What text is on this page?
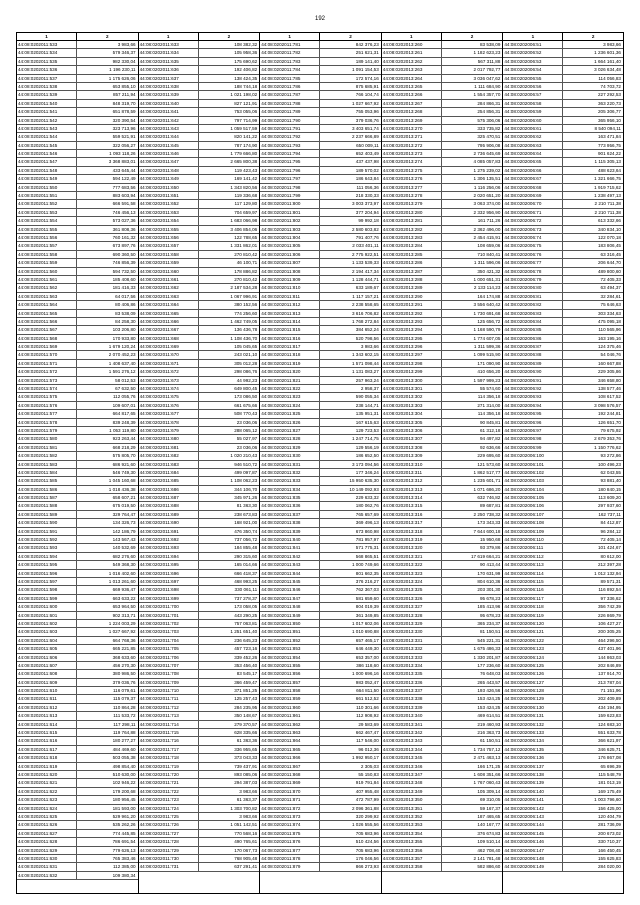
192
1	2
44:08:0202011:533	3 983,66
44:08:0202011:534	579 346,37
44:08:0202011:535	982 330,04
44:08:0202011:536	1 196 230,11
44:08:0202011:537	1 175 626,06
44:08:0202011:538	653 855,10
44:08:0202011:539	857 211,94
44:08:0202011:540	848 319,70
44:08:0202011:541	651 878,59
44:08:0202011:542	320 390,54
44:08:0202011:543	323 713,96
44:08:0202011:544	559 521,91
44:08:0202011:545	322 056,27
44:08:0202011:546	1 093 118,26
44:08:0202011:547	3 368 883,01
44:08:0202011:548	433 645,44
44:08:0202011:549	594 122,49
44:08:0202011:550	777 683,56
44:08:0202011:551	883 603,94
44:08:0202011:552	666 591,58
44:08:0202011:553	746 456,13
44:08:0202011:554	573 027,36
44:08:0202011:555	361 808,36
44:08:0202011:556	760 161,32
44:08:0202011:557	673 897,76
44:08:0202011:558	690 360,50
44:08:0202011:559	746 856,39
44:08:0202011:560	594 732,50
44:08:0202011:561	185 408,60
44:08:0202011:562	181 416,33
44:08:0202011:563	64 017,56
44:08:0202011:564	80 406,86
44:08:0202011:565	83 538,09
44:08:0202011:566	84 258,30
44:08:0202011:567	103 206,80
44:08:0202011:568	170 933,80
44:08:0202011:569	1 679 120,24
44:08:0202011:570	2 070 452,23
44:08:0202011:571	1 408 637,40
44:08:0202011:572	1 591 276,12
44:08:0202011:573	58 012,53
44:08:0202011:574	67 632,50
44:08:0202011:575	112 055,76
44:08:0202011:576	109 607,01
44:08:0202011:577	664 817,65
44:08:0202011:578	839 248,39
44:08:0202011:579	1 053 119,80
44:08:0202011:580	923 263,44
44:08:0202011:581	668 218,29
44:08:0202011:582	575 805,70
44:08:0202011:583	686 921,60
44:08:0202011:584	546 749,30
44:08:0202011:585	1 045 160,68
44:08:0202011:586	1 018 436,38
44:08:0202011:587	658 607,21
44:08:0202011:588	675 019,50
44:08:0202011:589	329 764,47
44:08:0202011:590	134 326,73
44:08:0202011:591	142 186,79
44:08:0202011:592	143 567,43
44:08:0202011:593	140 532,69
44:08:0202011:594	682 276,60
44:08:0202011:595	549 368,30
44:08:0202011:596	1 016 402,60
44:08:0202011:597	1 013 261,60
44:08:0202011:598	669 936,47
44:08:0202011:599	663 633,22
44:08:0202011:600	653 964,50
44:08:0202011:601	902 313,71
44:08:0202011:602	1 224 003,29
44:08:0202011:603	1 027 667,92
44:08:0202011:604	664 768,36
44:08:0202011:605	665 221,85
44:08:0202011:606	368 633,60
44:08:0202011:607	456 270,30
44:08:0202011:608	380 986,50
44:08:0202011:609	379 036,76
44:08:0202011:610	116 079,61
44:08:0202011:611	115 079,37
44:08:0202011:612	110 864,28
44:08:0202011:613	111 533,72
44:08:0202011:614	117 298,11
44:08:0202011:615	119 764,88
44:08:0202011:616	180 277,27
44:08:0202011:617	484 469,60
44:08:0202011:618	503 055,38
44:08:0202011:619	498 854,40
44:08:0202011:620	510 630,00
44:08:0202011:621	102 946,22
44:08:0202011:622	179 200,68
44:08:0202011:623	180 956,45
44:08:0202011:624	181 593,00
44:08:0202011:625	529 961,20
44:08:0202011:626	535 262,26
44:08:0202011:627	774 445,85
44:08:0202011:628	786 691,54
44:08:0202011:629	779 626,13
44:08:0202011:630	765 383,46
44:08:0202011:631	112 385,00
44:08:0202011:632	109 380,34
1	2
44:08:0202011:633	108 382,32
44:08:0202011:634	105 958,36
44:08:0202011:635	175 690,62
44:08:0202011:636	192 406,82
44:08:0202011:637	138 424,35
44:08:0202011:638	188 744,18
44:08:0202011:639	1 021 198,02
44:08:0202011:640	827 121,91
44:08:0202011:641	753 055,06
44:08:0202011:642	797 714,99
44:08:0202011:643	1 059 517,59
44:08:0202011:644	820 141,22
44:08:0202011:645	787 174,90
44:08:0202011:646	1 779 666,80
44:08:0202011:647	2 665 800,38
44:08:0202011:648	119 423,43
44:08:0202011:649	169 141,42
44:08:0202011:650	1 343 820,56
44:08:0202011:651	119 336,68
44:08:0202011:652	117 129,80
44:08:0202011:653	704 659,97
44:08:0202011:654	1 683 066,98
44:08:0202011:655	3 406 854,06
44:08:0202011:656	122 788,65
44:08:0202011:657	1 331 862,01
44:08:0202011:658	270 810,42
44:08:0202011:659	46 100,71
44:08:0202011:660	178 886,82
44:08:0202011:661	270 810,42
44:08:0202011:662	2 187 534,28
44:08:0202011:663	1 067 996,91
44:08:0202011:664	380 152,56
44:08:0202011:665	774 256,60
44:08:0202011:666	1 462 749,05
44:08:0202011:667	136 436,78
44:08:0202011:668	1 108 436,70
44:08:0202011:669	105 045,65
44:08:0202011:670	243 021,10
44:08:0202011:671	305 012,28
44:08:0202011:672	298 086,76
44:08:0202011:673	44 992,23
44:08:0202011:674	649 800,45
44:08:0202011:675	173 086,50
44:08:0202011:676	661 675,66
44:08:0202011:677	508 770,43
44:08:0202011:678	23 036,06
44:08:0202011:679	288 065,12
44:08:0202011:680	55 027,97
44:08:0202011:681	23 036,06
44:08:0202011:682	1 020 210,43
44:08:0202011:683	946 510,72
44:08:0202011:684	499 097,87
44:08:0202011:685	1 108 062,23
44:08:0202011:686	344 106,70
44:08:0202011:687	345 971,26
44:08:0202011:688	81 363,30
44:08:0202011:689	238 673,83
44:08:0202011:690	168 921,00
44:08:0202011:691	476 350,74
44:08:0202011:692	737 056,72
44:08:0202011:693	184 855,48
44:08:0202011:694	290 315,60
44:08:0202011:695	165 014,66
44:08:0202011:696	666 418,37
44:08:0202011:697	468 993,25
44:08:0202011:698	330 061,11
44:08:0202011:699	737 278,37
44:08:0202011:700	173 058,05
44:08:0202011:701	443 290,25
44:08:0202011:702	757 063,81
44:08:0202011:703	1 251 651,40
44:08:0202011:704	236 645,23
44:08:0202011:705	457 723,16
44:08:0202011:706	339 452,26
44:08:0202011:707	353 456,40
44:08:0202011:708	83 545,17
44:08:0202011:709	366 459,47
44:08:0202011:710	371 851,25
44:08:0202011:711	125 257,43
44:08:0202011:712	284 235,95
44:08:0202011:713	350 148,67
44:08:0202011:714	279 370,57
44:08:0202011:715	628 335,66
44:08:0202011:716	61 363,36
44:08:0202011:717	336 955,65
44:08:0202011:718	373 043,33
44:08:0202011:719	739 437,91
44:08:0202011:720	893 085,06
44:08:0202011:721	294 387,03
44:08:0202011:722	3 983,66
44:08:0202011:723	61 363,37
44:08:0202011:724	1 303 700,82
44:08:0202011:725	3 983,66
44:08:0202011:726	1 051 142,51
44:08:0202011:727	770 568,16
44:08:0202011:728	490 765,61
44:08:0202011:729	170 067,73
44:08:0202011:730	768 905,48
44:08:0202011:731	637 291,41
1	2
44:08:0202011:781	842 376,23
44:08:0202011:782	251 621,31
44:08:0202011:783	189 141,40
44:08:0202011:784	1 091 154,53
44:08:0202011:785	172 574,16
44:08:0202011:786	875 685,91
44:08:0202011:787	766 104,74
44:08:0202011:788	1 027 667,92
44:08:0202011:789	755 053,96
44:08:0202011:790	379 036,76
44:08:0202011:791	3 403 651,74
44:08:0202011:792	2 237 666,89
44:08:0202011:793	650 009,11
44:08:0202011:794	652 403,49
44:08:0202011:795	437 437,98
44:08:0202011:796	189 570,02
44:08:0202011:797	186 643,84
44:08:0202011:798	111 056,36
44:08:0202011:799	218 330,33
44:08:0202011:800	3 003 373,97
44:08:0202011:801	377 204,94
44:08:0202011:802	99 992,18
44:08:0202011:803	2 580 603,82
44:08:0202011:804	791 407,76
44:08:0202011:805	2 033 401,11
44:08:0202011:806	2 775 922,51
44:08:0202011:807	1 133 539,33
44:08:0202011:808	2 194 417,34
44:08:0202011:809	1 128 444,71
44:08:0202011:810	633 189,67
44:08:0202011:811	1 117 157,21
44:08:0202011:812	2 238 558,65
44:08:0202011:813	3 616 706,82
44:08:0202011:814	1 768 272,84
44:08:0202011:815	384 652,24
44:08:0202011:816	520 798,56
44:08:0202011:817	3 983,66
44:08:0202011:818	1 343 602,15
44:08:0202011:819	1 571 098,44
44:08:0202011:820	1 131 083,27
44:08:0202011:821	257 963,24
44:08:0202011:822	2 958,37
44:08:0202011:823	590 055,34
44:08:0202011:824	238 144,71
44:08:0202011:825	135 951,31
44:08:0202011:826	167 615,63
44:08:0202011:827	129 723,53
44:08:0202011:828	1 247 714,75
44:08:0202011:829	129 556,19
44:08:0202011:830	186 652,50
44:08:0202011:831	3 173 094,56
44:08:0202011:832	177 346,24
44:08:0202011:833	15 950 635,30
44:08:0202011:834	10 149 092,93
44:08:0202011:835	229 633,32
44:08:0202011:836	180 062,76
44:08:0202011:837	765 657,69
44:08:0202011:838	369 496,13
44:08:0202011:839	673 860,98
44:08:0202011:840	781 957,97
44:08:0202011:841	571 775,31
44:08:0202011:842	568 865,51
44:08:0202011:843	1 000 749,66
44:08:0202011:844	801 662,35
44:08:0202011:845	376 216,27
44:08:0202011:846	762 367,03
44:08:0202011:847	581 659,60
44:08:0202011:848	804 019,39
44:08:0202011:849	361 349,85
44:08:0202011:850	1 017 602,06
44:08:0202011:851	1 010 690,88
44:08:0202011:852	657 465,17
44:08:0202011:853	646 449,30
44:08:0202011:854	653 357,00
44:08:0202011:855	386 118,60
44:08:0202011:856	1 000 696,16
44:08:0202011:857	983 052,47
44:08:0202011:858	664 811,50
44:08:0202011:859	661 512,52
44:08:0202011:860	110 301,66
44:08:0202011:861	112 908,92
44:08:0202011:862	29 583,69
44:08:0202011:863	662 467,47
44:08:0202011:864	117 546,00
44:08:0202011:865	96 012,36
44:08:0202011:866	1 992 950,17
44:08:0202011:867	2 305,03
44:08:0202011:868	55 150,83
44:08:0202011:869	919 791,84
44:08:0202011:870	407 955,48
44:08:0202011:871	472 787,99
44:08:0202011:872	2 096 361,88
44:08:0202011:873	320 299,92
44:08:0202011:874	1 026 555,56
44:08:0202011:875	705 683,96
44:08:0202011:876	510 424,56
44:08:0202011:877	705 683,96
44:08:0202011:878	176 046,56
44:08:0202011:879	866 273,93
1	2
44:08:0202013:260	83 538,09
44:08:0202013:261	1 182 623,23
44:08:0202013:262	567 311,88
44:08:0202013:263	2 017 792,77
44:08:0202013:264	3 036 047,62
44:08:0202013:265	1 111 684,90
44:08:0202013:266	1 554 357,70
44:08:0202013:267	284 866,31
44:08:0202013:268	254 856,31
44:08:0202013:269	575 306,06
44:08:0202013:270	333 735,82
44:08:0202013:271	325 470,51
44:08:0202013:272	795 906,08
44:08:0202013:273	2 736 645,69
44:08:0202013:274	4 085 057,83
44:08:0202013:275	1 275 239,02
44:08:0202013:276	1 306 135,51
44:08:0202013:277	1 116 256,06
44:08:0202013:278	2 020 651,20
44:08:0202013:279	3 063 374,00
44:08:0202013:280	2 332 956,90
44:08:0202013:281	161 711,26
44:08:0202013:282	2 362 496,00
44:08:0202013:283	2 454 415,91
44:08:0202013:284	108 659,06
44:08:0202013:285	710 840,41
44:08:0202013:286	1 311 596,06
44:08:0202013:287	350 421,32
44:08:0202013:288	1 000 651,31
44:08:0202013:289	2 133 114,23
44:08:0202013:290	164 174,88
44:08:0202013:291	3 556 640,42
44:08:0202013:292	1 730 691,68
44:08:0202013:293	125 656,72
44:08:0202013:294	1 168 590,79
44:08:0202013:295	1 774 607,05
44:08:0202013:296	1 311 599,36
44:08:0202013:297	1 099 515,90
44:08:0202013:298	171 090,90
44:08:0202013:299	410 656,20
44:08:0202013:300	1 597 999,23
44:08:0202013:301	55 574,60
44:08:0202013:302	114 356,18
44:08:0202013:303	271 314,00
44:08:0202013:304	114 356,18
44:08:0202013:305	90 845,81
44:08:0202013:306	61 312,18
44:08:0202013:307	94 497,82
44:08:0202013:308	92 636,66
44:08:0202013:309	229 695,60
44:08:0202013:310	121 573,60
44:08:0202013:311	1 862 517,77
44:08:0202013:312	1 235 601,71
44:08:0202013:313	1 071 686,20
44:08:0202013:314	632 746,82
44:08:0202013:315	89 687,81
44:08:0202013:316	2 250 738,32
44:08:0202013:317	173 343,33
44:08:0202013:318	7 644 600,18
44:08:0202013:319	15 950,68
44:08:0202013:320	93 379,86
44:08:0202013:321	17 619 664,21
44:08:0202013:322	90 413,44
44:08:0202013:323	170 631,99
44:08:0202013:324	804 610,36
44:08:0202013:325	203 301,30
44:08:0202013:326	95 678,23
44:08:0202013:327	185 413,96
44:08:0202013:328	95 678,23
44:08:0202013:329	365 234,37
44:08:0202013:330	81 150,51
44:08:0202013:331	545 221,31
44:08:0202013:332	1 675 486,33
44:08:0202013:333	1 330 201,87
44:08:0202013:334	177 236,60
44:08:0202013:335	76 648,03
44:08:0202013:336	265 443,57
44:08:0202013:337	193 426,56
44:08:0202013:338	153 424,25
44:08:0202013:339	153 424,25
44:08:0202013:340	469 614,51
44:08:0202013:341	219 460,93
44:08:0202013:342	216 363,73
44:08:0202013:343	61 150,51
44:08:0202013:344	1 734 757,12
44:08:0202013:345	2 471 463,13
44:08:0202013:346	166 171,25
44:08:0202013:347	1 608 351,66
44:08:0202013:348	1 767 060,43
44:08:0202013:349	105 309,14
44:08:0202013:350	69 310,05
44:08:0202013:351	59 167,37
44:08:0202013:352	187 465,65
44:08:0202013:353	140 167,77
44:08:0202013:354	376 674,83
44:08:0202013:355	109 510,14
44:08:0202013:356	462 708,40
44:08:0202013:357	2 141 781,48
44:08:0202013:358	582 886,60
1	2
44:08:0202006:51	3 983,66
44:08:0202006:52	1 236 601,36
44:08:0202006:53	1 664 161,40
44:08:0202006:54	3 026 634,48
44:08:0202006:55	114 056,83
44:08:0202006:56	74 703,72
44:08:0202006:57	227 292,53
44:08:0202006:58	363 220,73
44:08:0202006:59	205 306,77
44:08:0202006:60	365 956,10
44:08:0202006:61	8 540 094,11
44:08:0202006:62	163 471,84
44:08:0202006:63	773 956,75
44:08:0202006:64	901 624,22
44:08:0202006:65	1 115 305,13
44:08:0202006:66	488 623,64
44:08:0202006:67	1 321 666,75
44:08:0202006:68	1 919 715,62
44:08:0202006:69	1 238 497,13
44:08:0202006:70	2 210 711,38
44:08:0202006:71	2 210 711,38
44:08:0202006:72	613 332,66
44:08:0202006:73	340 834,10
44:08:0202006:74	122 070,18
44:08:0202006:75	183 806,45
44:08:0202006:76	63 316,45
44:08:0202006:77	206 644,70
44:08:0202006:78	489 800,60
44:08:0202006:79	72 405,33
44:08:0202006:80	63 494,37
44:08:0202006:81	32 284,61
44:08:0202006:82	75 646,63
44:08:0202006:83	303 334,63
44:08:0202006:84	475 095,18
44:08:0202006:85	110 565,96
44:08:0202006:86	163 195,16
44:08:0202006:87	124 375,46
44:08:0202006:88	54 046,76
44:08:0202006:89	160 667,88
44:08:0202006:90	229 305,86
44:08:0202006:91	346 658,80
44:08:0202006:92	138 577,46
44:08:0202006:93	108 617,52
44:08:0202006:94	3 098 576,57
44:08:0202006:95	192 244,81
44:08:0202006:96	126 651,70
44:08:0202006:97	79 675,92
44:08:0202006:98	2 679 353,76
44:08:0202006:99	1 150 776,62
44:08:0202006:100	93 272,86
44:08:0202006:101	100 496,23
44:08:0202006:102	62 043,55
44:08:0202006:103	93 881,40
44:08:0202006:104	180 840,15
44:08:0202006:105	113 609,20
44:08:0202006:106	297 937,60
44:08:0202006:107	162 737,11
44:08:0202006:108	84 412,87
44:08:0202006:109	96 284,12
44:08:0202006:110	72 405,14
44:08:0202006:111	101 424,67
44:08:0202006:112	80 612,00
44:08:0202006:113	212 397,28
44:08:0202006:114	1 012 132,94
44:08:0202006:115	89 571,31
44:08:0202006:116	116 892,54
44:08:0202006:117	97 336,62
44:08:0202006:118	356 742,39
44:08:0202006:119	226 869,79
44:08:0202006:120	106 427,27
44:08:0202006:121	200 305,25
44:08:0202006:122	464 296,50
44:08:0202006:123	437 401,96
44:08:0202006:124	144 863,03
44:08:0202006:125	202 846,89
44:08:0202006:126	137 914,70
44:08:0202006:127	213 787,04
44:08:0202006:128	71 151,96
44:08:0202006:129	202 409,89
44:08:0202006:130	434 194,95
44:08:0202006:131	159 623,83
44:08:0202006:132	124 683,10
44:08:0202006:133	551 633,78
44:08:0202006:134	366 621,97
44:08:0202006:135	346 625,71
44:08:0202006:136	176 867,08
44:08:0202006:137	65 696,39
44:08:0202006:138	115 548,79
44:08:0202006:139	181 013,19
44:08:0202006:140	169 175,49
44:08:0202006:141	1 003 796,60
44:08:0202006:142	156 425,00
44:08:0202006:143	120 404,79
44:08:0202006:144	281 736,09
44:08:0202006:145	200 673,02
44:08:0202006:146	330 710,37
44:08:0202006:147	166 450,45
44:08:0202006:148	155 625,83
44:08:0202006:149	284 020,00
